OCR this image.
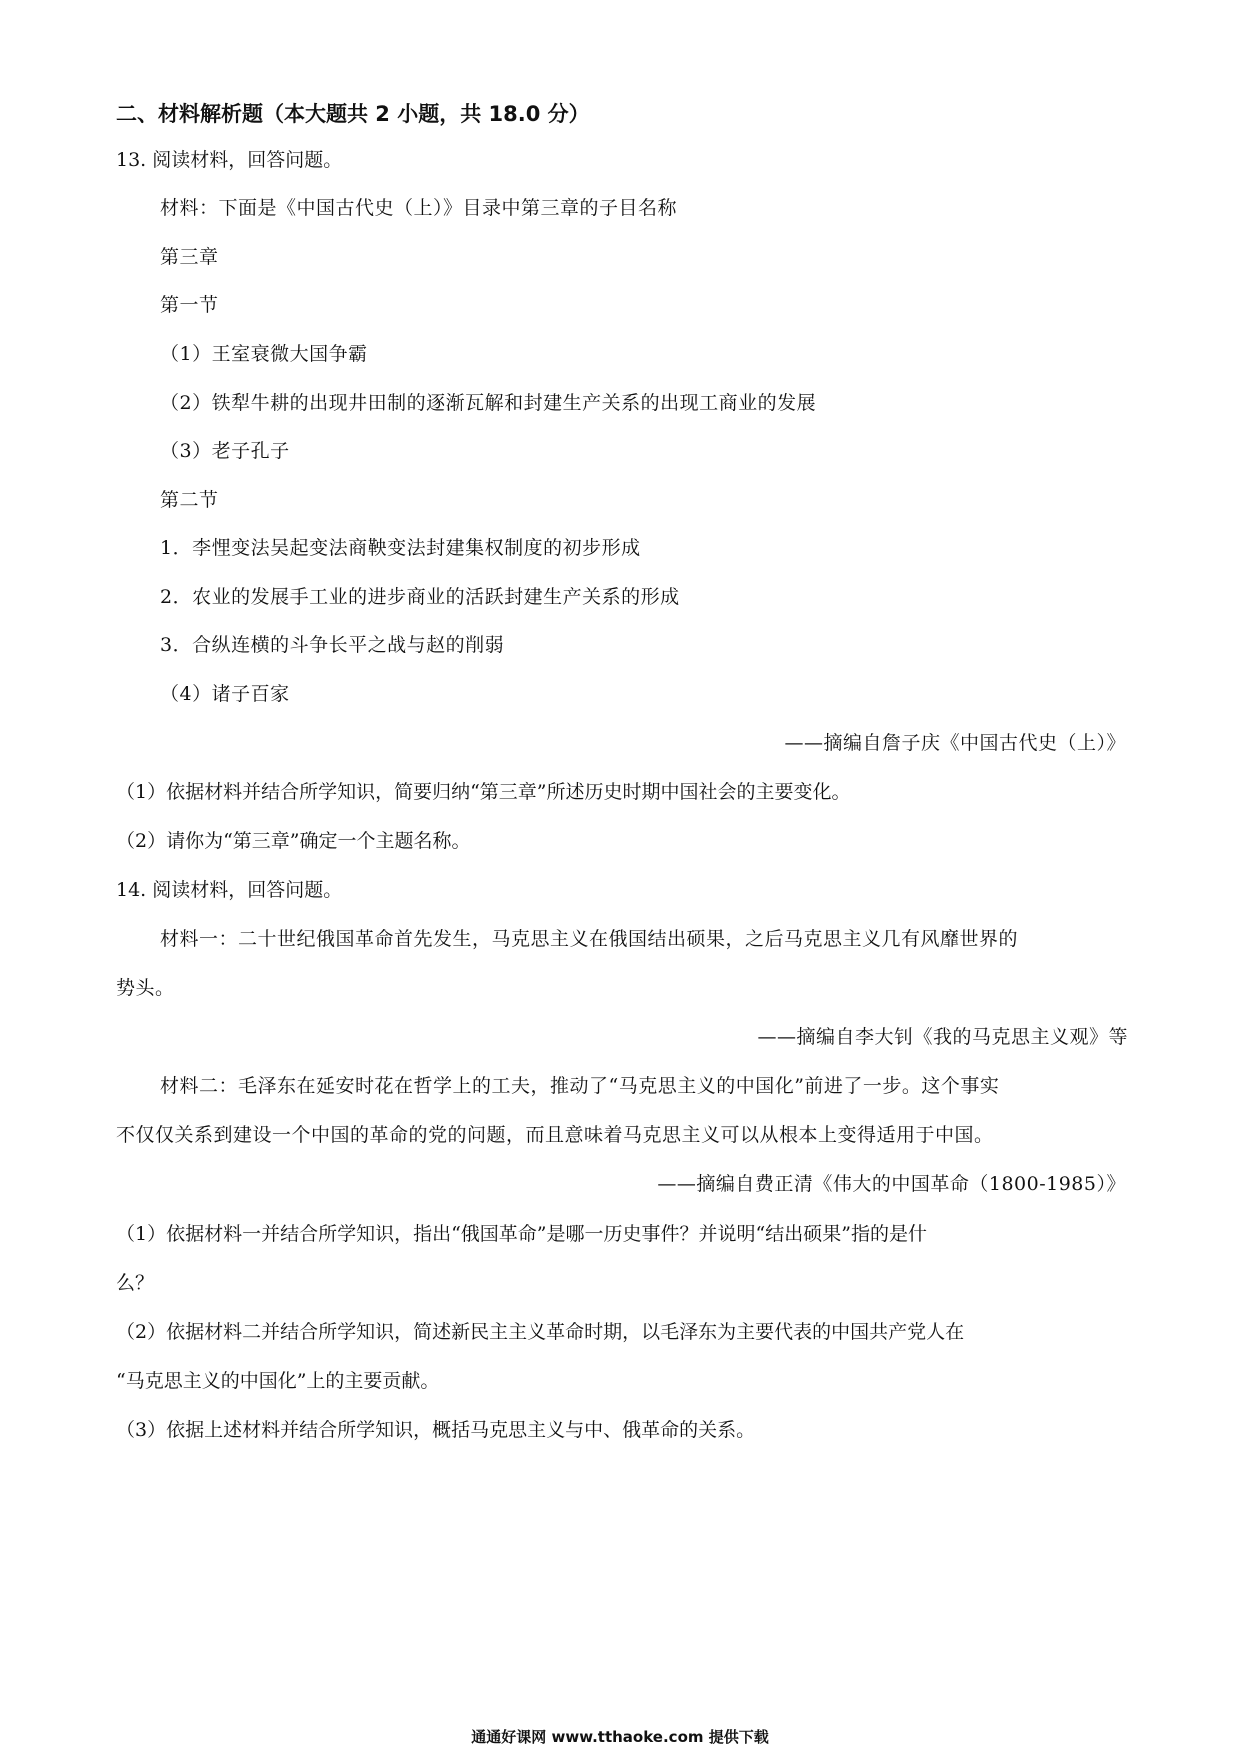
二、材料解析题（本大题共 2 小题，共 18.0 分）
13. 阅读材料，回答问题。
材料：下面是《中国古代史（上）》目录中第三章的子目名称
第三章
第一节
（1）王室衰微大国争霸
（2）铁犁牛耕的出现井田制的逐渐瓦解和封建生产关系的出现工商业的发展
（3）老子孔子
第二节
1．李悝变法吴起变法商鞅变法封建集权制度的初步形成
2．农业的发展手工业的进步商业的活跃封建生产关系的形成
3．合纵连横的斗争长平之战与赵的削弱
（4）诸子百家
——摘编自詹子庆《中国古代史（上）》
（1）依据材料并结合所学知识，简要归纳“第三章”所述历史时期中国社会的主要变化。
（2）请你为“第三章”确定一个主题名称。
14. 阅读材料，回答问题。
材料一：二十世纪俄国革命首先发生，马克思主义在俄国结出硕果，之后马克思主义几有风靡世界的
势头。
——摘编自李大钊《我的马克思主义观》等
材料二：毛泽东在延安时花在哲学上的工夫，推动了“马克思主义的中国化”前进了一步。这个事实
不仅仅关系到建设一个中国的革命的党的问题，而且意味着马克思主义可以从根本上变得适用于中国。
——摘编自费正清《伟大的中国革命（1800-1985）》
（1）依据材料一并结合所学知识，指出“俄国革命”是哪一历史事件？并说明“结出硕果”指的是什
么？
（2）依据材料二并结合所学知识，简述新民主主义革命时期，以毛泽东为主要代表的中国共产党人在
“马克思主义的中国化”上的主要贡献。
（3）依据上述材料并结合所学知识，概括马克思主义与中、俄革命的关系。
通通好课网 www.tthaoke.com 提供下载
